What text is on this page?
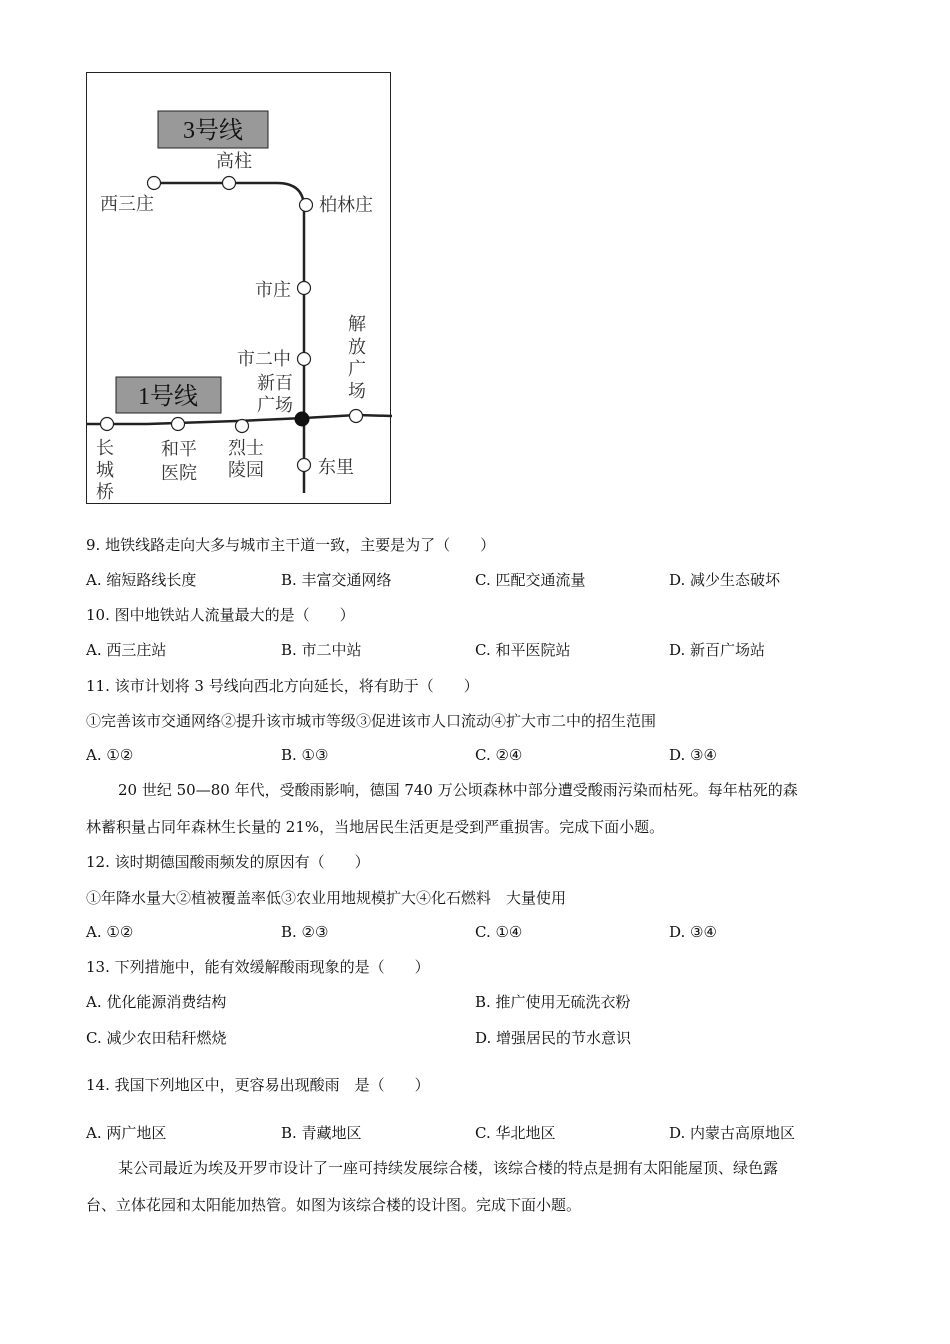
3号线
1号线
高柱
西三庄	柏林庄
市庄
市二中
新百
广场
解
放
广
场
长
城
桥
和平
医院
烈士
陵园	东里
9. 地铁线路走向大多与城市主干道一致，主要是为了（　　）
A. 缩短路线长度	B. 丰富交通网络	C. 匹配交通流量	D. 减少生态破坏
10. 图中地铁站人流量最大的是（　　）
A. 西三庄站	B. 市二中站	C. 和平医院站	D. 新百广场站
11. 该市计划将 3 号线向西北方向延长，将有助于（　　）
①完善该市交通网络②提升该市城市等级③促进该市人口流动④扩大市二中的招生范围
A. ①②	B. ①③	C. ②④	D. ③④
20 世纪 50—80 年代，受酸雨影响，德国 740 万公顷森林中部分遭受酸雨污染而枯死。每年枯死的森
林蓄积量占同年森林生长量的 21%，当地居民生活更是受到严重损害。完成下面小题。
12. 该时期德国酸雨频发的原因有（　　）
①年降水量大②植被覆盖率低③农业用地规模扩大④化石燃料　大量使用
A. ①②	B. ②③	C. ①④	D. ③④
13. 下列措施中，能有效缓解酸雨现象的是（　　）
A. 优化能源消费结构	B. 推广使用无硫洗衣粉
C. 减少农田秸秆燃烧	D. 增强居民的节水意识
14. 我国下列地区中，更容易出现酸雨　是（　　）
A. 两广地区	B. 青藏地区	C. 华北地区	D. 内蒙古高原地区
某公司最近为埃及开罗市设计了一座可持续发展综合楼，该综合楼的特点是拥有太阳能屋顶、绿色露
台、立体花园和太阳能加热管。如图为该综合楼的设计图。完成下面小题。
